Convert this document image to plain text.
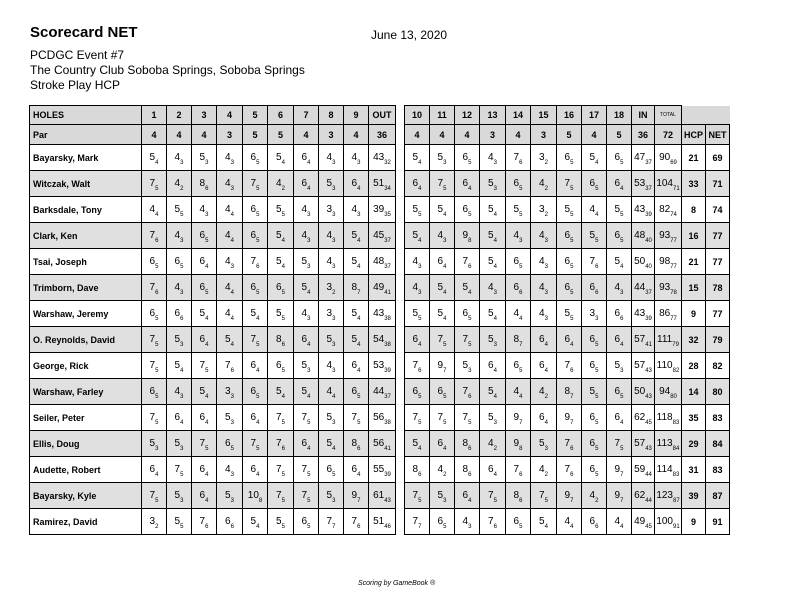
Scorecard NET	June 13, 2020
PCDGC Event #7
The Country Club Soboba Springs, Soboba Springs
Stroke Play HCP
HOLES	1	2	3	4	5	6	7	8	9	OUT		10	11	12	13	14	15	16	17	18	IN	TOTAL		
Par	4	4	4	3	5	5	4	3	4	36		4	4	4	3	4	3	5	4	5	36	72	HCP	NET
Bayarsky, Mark	$5_4$	$4_3$	$5_3$	$4_3$	$6_5$	$5_4$	$6_4$	$4_3$	$4_3$	$43_{32}$		$5_4$	$5_3$	$6_5$	$4_3$	$7_6$	$3_2$	$6_5$	$5_4$	$6_5$	$47_{37}$	$90_{69}$	21	69
Witczak, Walt	$7_5$	$4_2$	$8_6$	$4_3$	$7_5$	$4_2$	$6_4$	$5_3$	$6_4$	$51_{34}$		$6_4$	$7_5$	$6_4$	$5_3$	$6_5$	$4_2$	$7_5$	$6_5$	$6_4$	$53_{37}$	$104_{71}$	33	71
Barksdale, Tony	$4_4$	$5_5$	$4_3$	$4_4$	$6_5$	$5_5$	$4_3$	$3_3$	$4_3$	$39_{35}$		$5_5$	$5_4$	$6_5$	$5_4$	$5_5$	$3_2$	$5_5$	$4_4$	$5_5$	$43_{39}$	$82_{74}$	8	74
Clark, Ken	$7_6$	$4_3$	$6_5$	$4_4$	$6_5$	$5_4$	$4_3$	$4_3$	$5_4$	$45_{37}$		$5_4$	$4_3$	$9_8$	$5_4$	$4_3$	$4_3$	$6_5$	$5_5$	$6_5$	$48_{40}$	$93_{77}$	16	77
Tsai, Joseph	$6_5$	$6_5$	$6_4$	$4_3$	$7_6$	$5_4$	$5_3$	$4_3$	$5_4$	$48_{37}$		$4_3$	$6_4$	$7_6$	$5_4$	$6_5$	$4_3$	$6_5$	$7_6$	$5_4$	$50_{40}$	$98_{77}$	21	77
Trimborn, Dave	$7_6$	$4_3$	$6_5$	$4_4$	$6_5$	$6_5$	$5_4$	$3_2$	$8_7$	$49_{41}$		$4_3$	$5_4$	$5_4$	$4_3$	$6_6$	$4_3$	$6_5$	$6_6$	$4_3$	$44_{37}$	$93_{78}$	15	78
Warshaw, Jeremy	$6_5$	$6_6$	$5_4$	$4_4$	$5_4$	$5_5$	$4_3$	$3_3$	$5_4$	$43_{38}$		$5_5$	$5_4$	$6_5$	$5_4$	$4_4$	$4_3$	$5_5$	$3_3$	$6_6$	$43_{39}$	$86_{77}$	9	77
O. Reynolds, David	$7_5$	$5_3$	$6_4$	$5_4$	$7_5$	$8_6$	$6_4$	$5_3$	$5_4$	$54_{38}$		$6_4$	$7_5$	$7_5$	$5_3$	$8_7$	$6_4$	$6_4$	$6_5$	$6_4$	$57_{41}$	$111_{79}$	32	79
George, Rick	$7_5$	$5_4$	$7_5$	$7_6$	$6_4$	$6_5$	$5_3$	$4_3$	$6_4$	$53_{39}$		$7_6$	$9_7$	$5_3$	$6_4$	$6_5$	$6_4$	$7_6$	$6_5$	$5_3$	$57_{43}$	$110_{82}$	28	82
Warshaw, Farley	$6_5$	$4_3$	$5_4$	$3_3$	$6_5$	$5_4$	$5_4$	$4_4$	$6_5$	$44_{37}$		$6_5$	$6_5$	$7_6$	$5_4$	$4_4$	$4_2$	$8_7$	$5_5$	$6_5$	$50_{43}$	$94_{80}$	14	80
Seiler, Peter	$7_5$	$6_4$	$6_4$	$5_3$	$6_4$	$7_5$	$7_5$	$5_3$	$7_5$	$56_{38}$		$7_5$	$7_5$	$7_5$	$5_3$	$9_7$	$6_4$	$9_7$	$6_5$	$6_4$	$62_{45}$	$118_{83}$	35	83
Ellis, Doug	$5_3$	$5_3$	$7_5$	$6_5$	$7_5$	$7_6$	$6_4$	$5_4$	$8_6$	$56_{41}$		$5_4$	$6_4$	$8_6$	$4_2$	$9_8$	$5_3$	$7_6$	$6_5$	$7_5$	$57_{43}$	$113_{84}$	29	84
Audette, Robert	$6_4$	$7_5$	$6_4$	$4_3$	$6_4$	$7_5$	$7_5$	$6_5$	$6_4$	$55_{39}$		$8_6$	$4_2$	$8_6$	$6_4$	$7_6$	$4_2$	$7_6$	$6_5$	$9_7$	$59_{44}$	$114_{83}$	31	83
Bayarsky, Kyle	$7_5$	$5_3$	$6_4$	$5_3$	$10_8$	$7_5$	$7_5$	$5_3$	$9_7$	$61_{43}$		$7_5$	$5_3$	$6_4$	$7_5$	$8_6$	$7_5$	$9_7$	$4_2$	$9_7$	$62_{44}$	$123_{87}$	39	87
Ramirez, David	$3_2$	$5_5$	$7_6$	$6_6$	$5_4$	$5_5$	$6_5$	$7_7$	$7_6$	$51_{46}$		$7_7$	$6_5$	$4_3$	$7_6$	$6_5$	$5_4$	$4_4$	$6_6$	$4_4$	$49_{45}$	$100_{91}$	9	91
Scoring by GameBook ®
